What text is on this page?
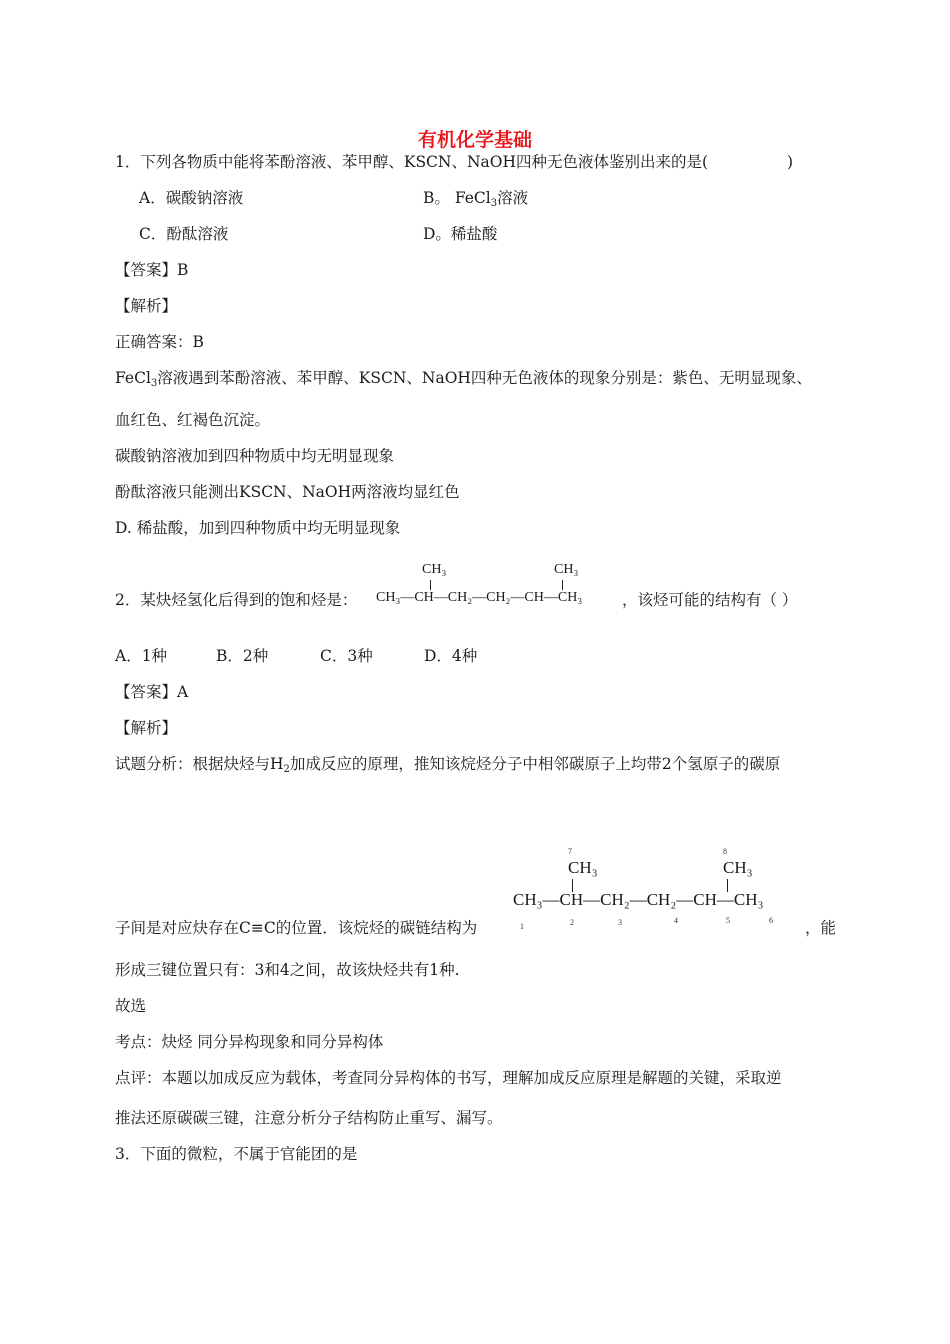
有机化学基础
1．下列各物质中能将苯酚溶液、苯甲醇、KSCN、NaOH四种无色液体鉴别出来的是(	)
A．碳酸钠溶液	B。 FeCl$_3$溶液
C．酚酞溶液	D。稀盐酸
【答案】B
【解析】
正确答案：B
FeCl$_3$溶液遇到苯酚溶液、苯甲醇、KSCN、NaOH四种无色液体的现象分别是：紫色、无明显现象、
血红色、红褐色沉淀。
碳酸钠溶液加到四种物质中均无明显现象
酚酞溶液只能测出KSCN、NaOH两溶液均显红色
D. 稀盐酸，加到四种物质中均无明显现象
2．某炔烃氢化后得到的饱和烃是：
CH₃	CH₃
CH₃—CH—CH₂—CH₂—CH—CH₃	，该烃可能的结构有（ ）
A．1种	B．2种	C．3种	D．4种
【答案】A
【解析】
试题分析：根据炔烃与$H_2$加成反应的原理，推知该烷烃分子中相邻碳原子上均带2个氢原子的碳原
7	8
CH₃	CH₃
CH₃—CH—CH₂—CH₂—CH—CH₃
1	2	3	4	5	6
子间是对应炔存在C≡C的位置．该烷烃的碳链结构为	，能
形成三键位置只有：3和4之间，故该炔烃共有1种.
故选
考点：炔烃 同分异构现象和同分异构体
点评：本题以加成反应为载体，考查同分异构体的书写，理解加成反应原理是解题的关键，采取逆
推法还原碳碳三键，注意分析分子结构防止重写、漏写。
3．下面的微粒，不属于官能团的是
